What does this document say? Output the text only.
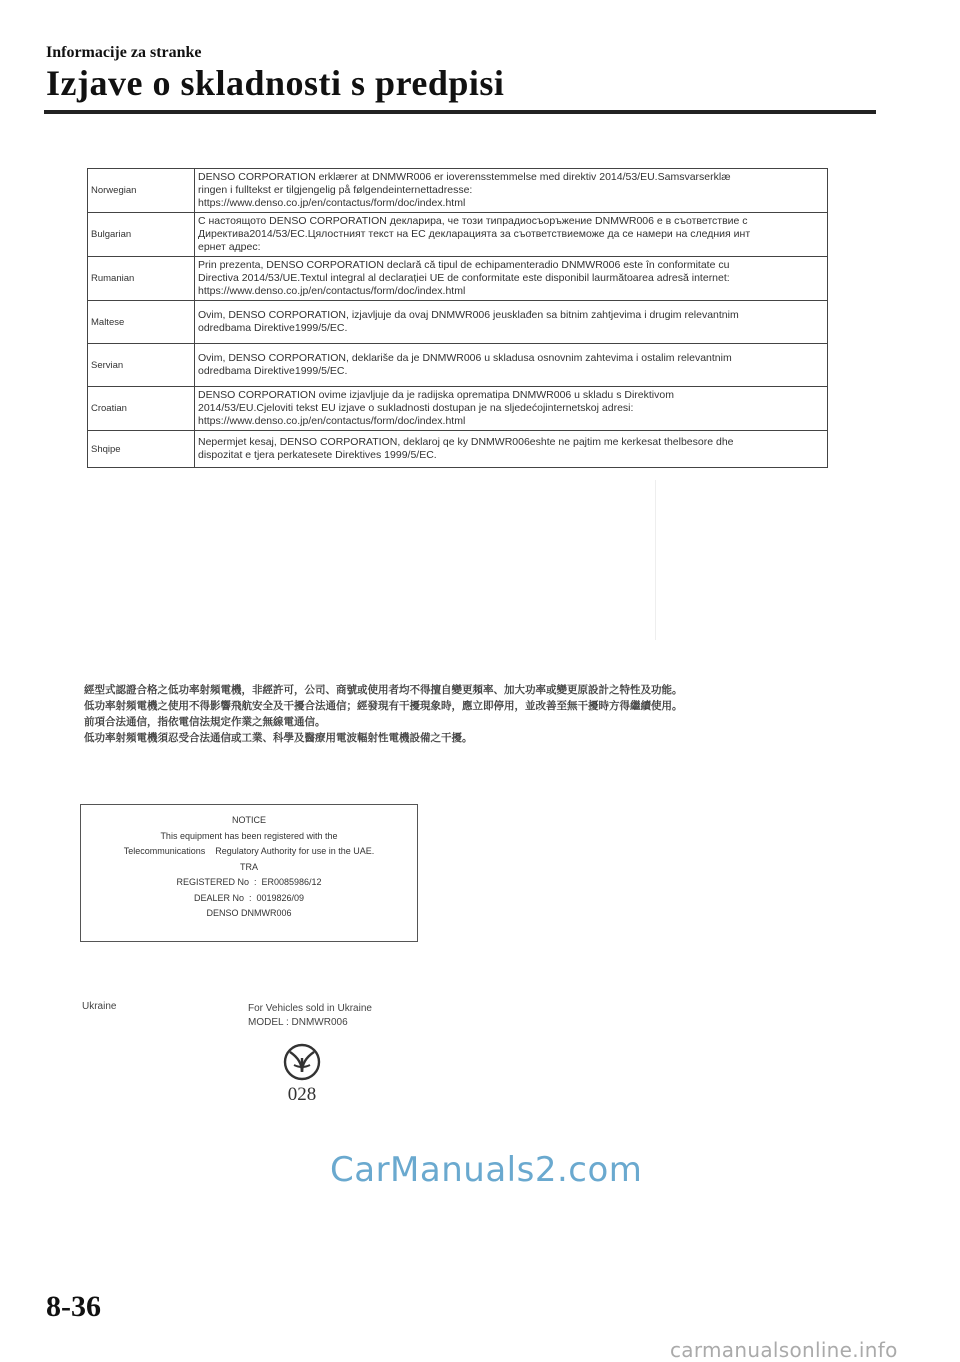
Informacije za stranke
Izjave o skladnosti s predpisi
Norwegian	DENSO CORPORATION erklærer at DNMWR006 er ioverensstemmelse med direktiv 2014/53/EU.Samsvarserklæ
ringen i fulltekst er tilgjengelig på følgendeinternettadresse:
https://www.denso.co.jp/en/contactus/form/doc/index.html
Bulgarian	С настоящото DENSO CORPORATION декларира, че този типрадиосъоръжение DNMWR006 е в съответствие с
Директива2014/53/EC.Цялостният текст на ЕС декларацията за съответствиеможе да се намери на следния инт
ернет адрес:
Rumanian	Prin prezenta, DENSO CORPORATION declară că tipul de echipamenteradio DNMWR006 este în conformitate cu
Directiva 2014/53/UE.Textul integral al declarației UE de conformitate este disponibil laurmătoarea adresă internet:
https://www.denso.co.jp/en/contactus/form/doc/index.html
Maltese	Ovim, DENSO CORPORATION, izjavljuje da ovaj DNMWR006 jeusklađen sa bitnim zahtjevima i drugim relevantnim
odredbama Direktive1999/5/EC.
Servian	Ovim, DENSO CORPORATION, deklariše da je DNMWR006 u skladusa osnovnim zahtevima i ostalim relevantnim
odredbama Direktive1999/5/EC.
Croatian	DENSO CORPORATION ovime izjavljuje da je radijska oprematipa DNMWR006 u skladu s Direktivom
2014/53/EU.Cjeloviti tekst EU izjave o sukladnosti dostupan je na sljedećojinternetskoj adresi:
https://www.denso.co.jp/en/contactus/form/doc/index.html
Shqipe	Nepermjet kesaj, DENSO CORPORATION, deklaroj qe ky DNMWR006eshte ne pajtim me kerkesat thelbesore dhe
dispozitat e tjera perkatesete Direktives 1999/5/EC.
經型式認證合格之低功率射頻電機，非經許可，公司、商號或使用者均不得擅自變更頻率、加大功率或變更原設計之特性及功能。
低功率射頻電機之使用不得影響飛航安全及干擾合法通信；經發現有干擾現象時，應立即停用，並改善至無干擾時方得繼續使用。
前項合法通信，指依電信法規定作業之無線電通信。
低功率射頻電機須忍受合法通信或工業、科學及醫療用電波輻射性電機設備之干擾。
NOTICE
This equipment has been registered with the
Telecommunications    Regulatory Authority for use in the UAE.
TRA
REGISTERED No  :  ER0085986/12
DEALER No  :  0019826/09
DENSO DNMWR006
Ukraine	For Vehicles sold in Ukraine
MODEL : DNMWR006
028
CarManuals2.com
8-36
carmanualsonline.info
